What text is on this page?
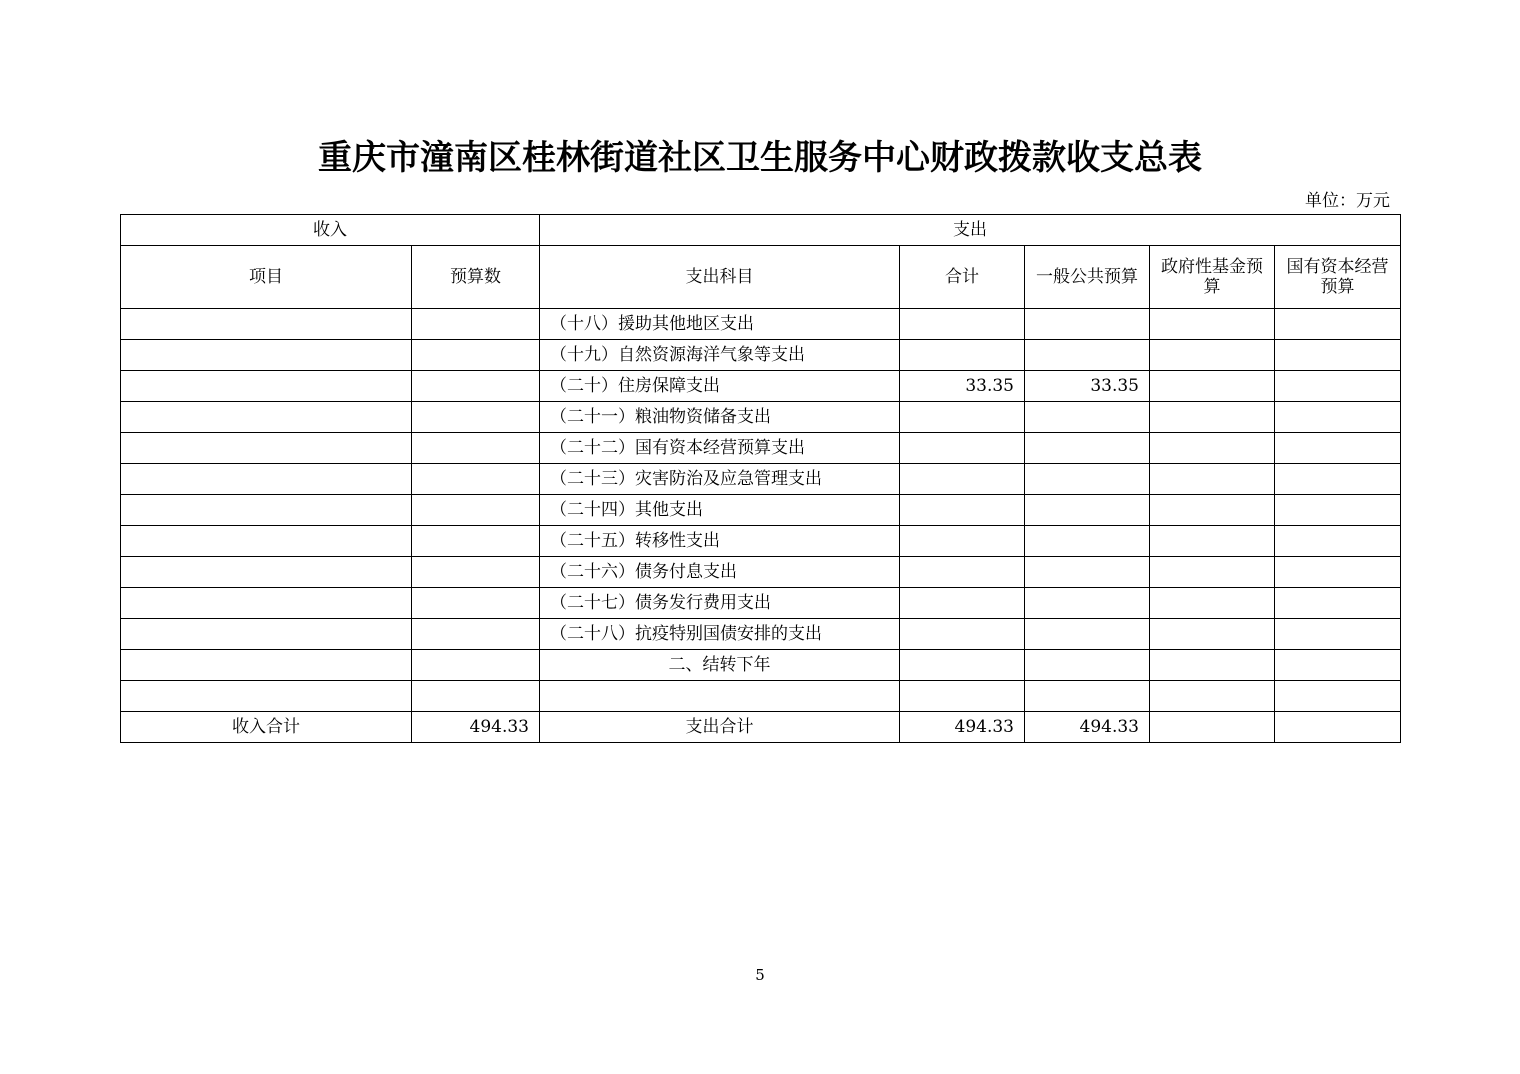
重庆市潼南区桂林街道社区卫生服务中心财政拨款收支总表
单位：万元
收入		支出				
项目	预算数	支出科目	合计	一般公共预算	政府性基金预算	国有资本经营预算
		（十八）援助其他地区支出				
		（十九）自然资源海洋气象等支出				
		（二十）住房保障支出	33.35	33.35		
		（二十一）粮油物资储备支出				
		（二十二）国有资本经营预算支出				
		（二十三）灾害防治及应急管理支出				
		（二十四）其他支出				
		（二十五）转移性支出				
		（二十六）债务付息支出				
		（二十七）债务发行费用支出				
		（二十八）抗疫特别国债安排的支出				
		二、结转下年				

收入合计	494.33	支出合计	494.33	494.33		
5
